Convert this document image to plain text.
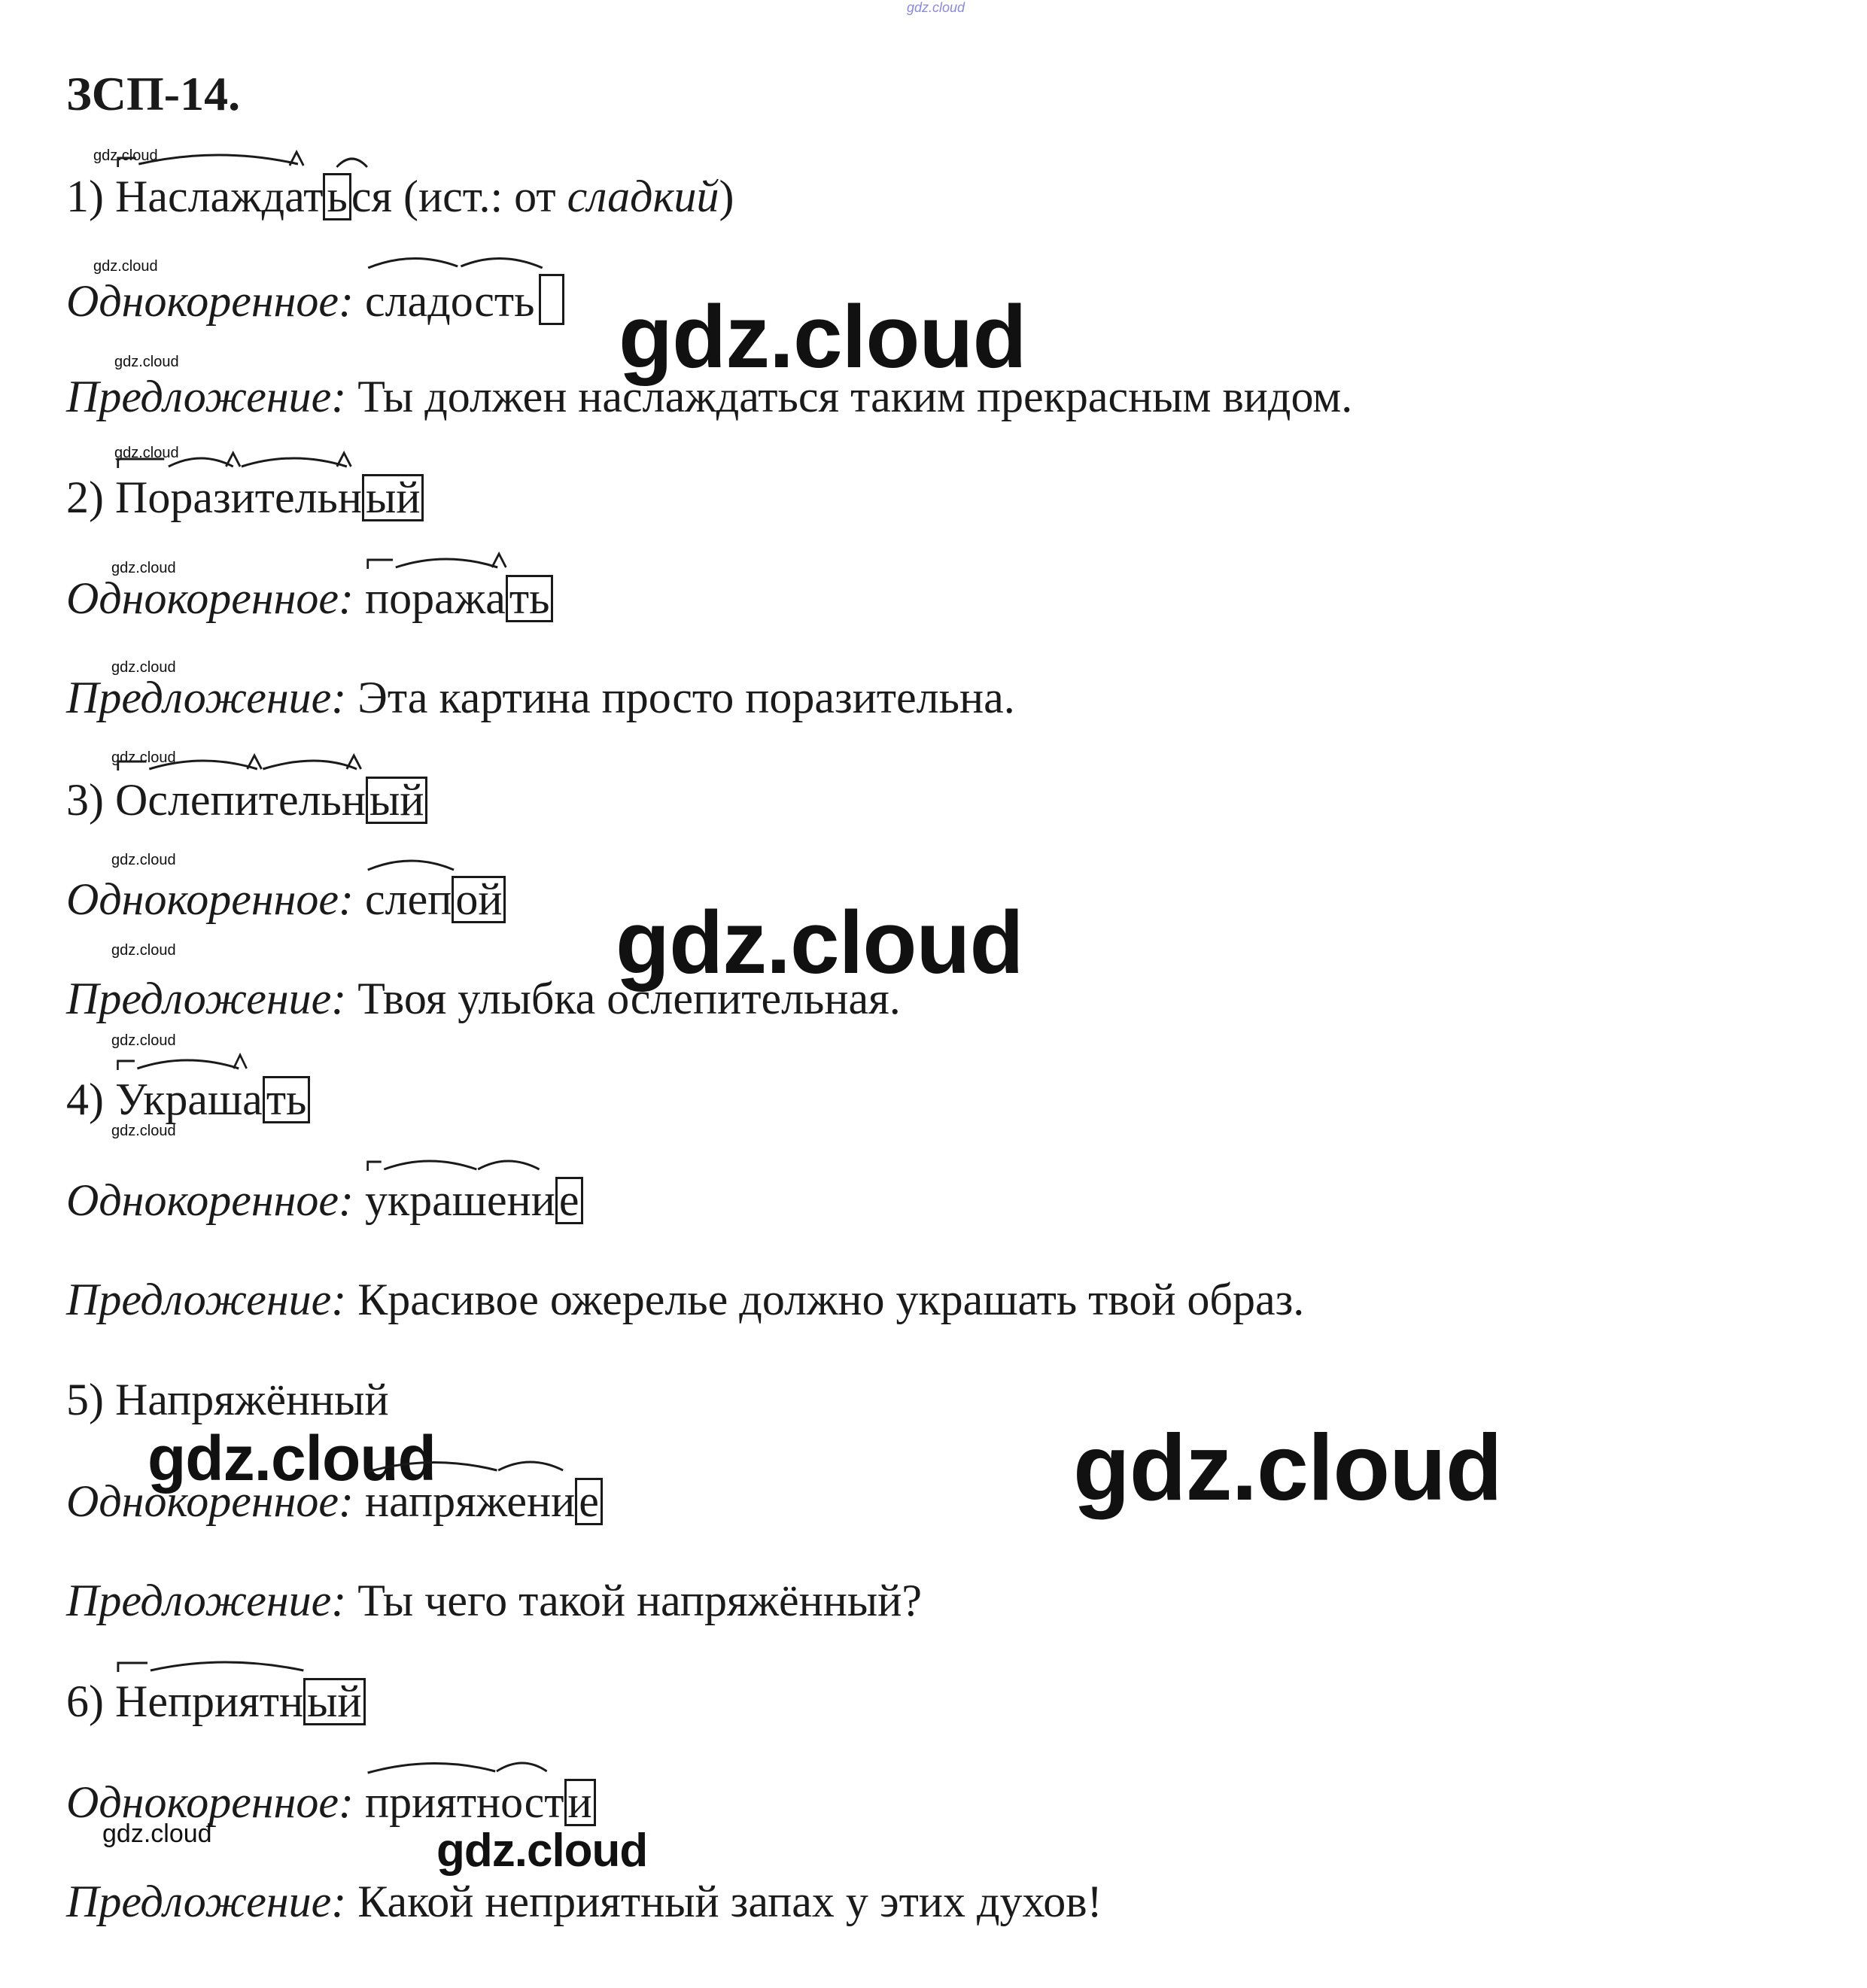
gdz.cloud

ЗСП-14.
gdz.cloud
1) Наслаждаться (ист.: от сладкий)
gdz.cloud
Однокоренное: сладость gdz.cloud
gdz.cloud
Предложение: Ты должен наслаждаться таким прекрасным видом.
gdz.cloud
2) Поразительный
gdz.cloud
Однокоренное: поражать
gdz.cloud
Предложение: Эта картина просто поразительна.
gdz.cloud
3) Ослепительный
gdz.cloud
Однокоренное: слепой gdz.cloud
gdz.cloud
Предложение: Твоя улыбка ослепительная.
gdz.cloud
4) Украшать
gdz.cloud
Однокоренное: украшение
Предложение: Красивое ожерелье должно украшать твой образ.
5) Напряжённый
gdz.cloud	gdz.cloud
Однокоренное: напряжение
Предложение: Ты чего такой напряжённый?
6) Неприятный
Однокоренное: приятности
gdz.cloud	gdz.cloud
Предложение: Какой неприятный запах у этих духов!
